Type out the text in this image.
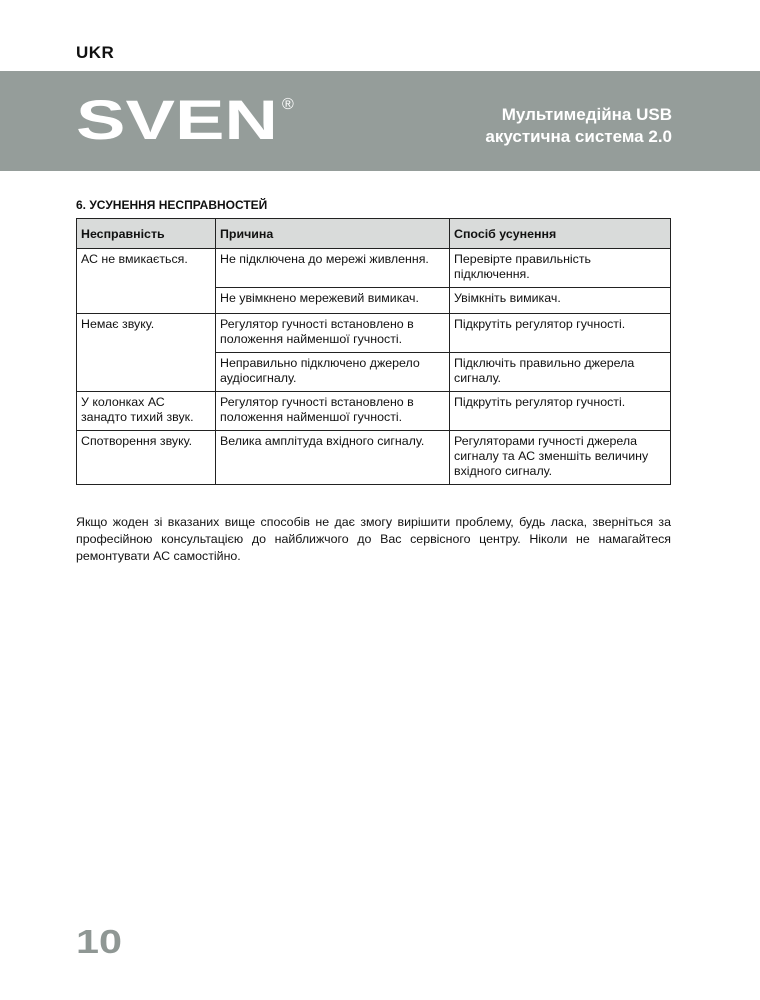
UKR
SVEN ®
Мультимедійна USB
акустична система 2.0
6. УСУНЕННЯ НЕСПРАВНОСТЕЙ
Несправність	Причина	Спосіб усунення
АС не вмикається.	Не підключена до мережі живлення.	Перевірте правильність підключення.
	Не увімкнено мережевий вимикач.	Увімкніть вимикач.
Немає звуку.	Регулятор гучності встановлено в положення найменшої гучності.	Підкрутіть регулятор гучності.
	Неправильно підключено джерело аудіосигналу.	Підключіть правильно джерела сигналу.
У колонках АС занадто тихий звук.	Регулятор гучності встановлено в положення найменшої гучності.	Підкрутіть регулятор гучності.
Спотворення звуку.	Велика амплітуда вхідного сигналу.	Регуляторами гучності джерела сигналу та АС зменшіть величину вхідного сигналу.

Якщо жоден зі вказаних вище способів не дає змогу вирішити проблему, будь ласка, зверніться за професійною консультацією до найближчого до Вас сервісного центру. Ніколи не намагайтеся ремонтувати АС самостійно.

10
